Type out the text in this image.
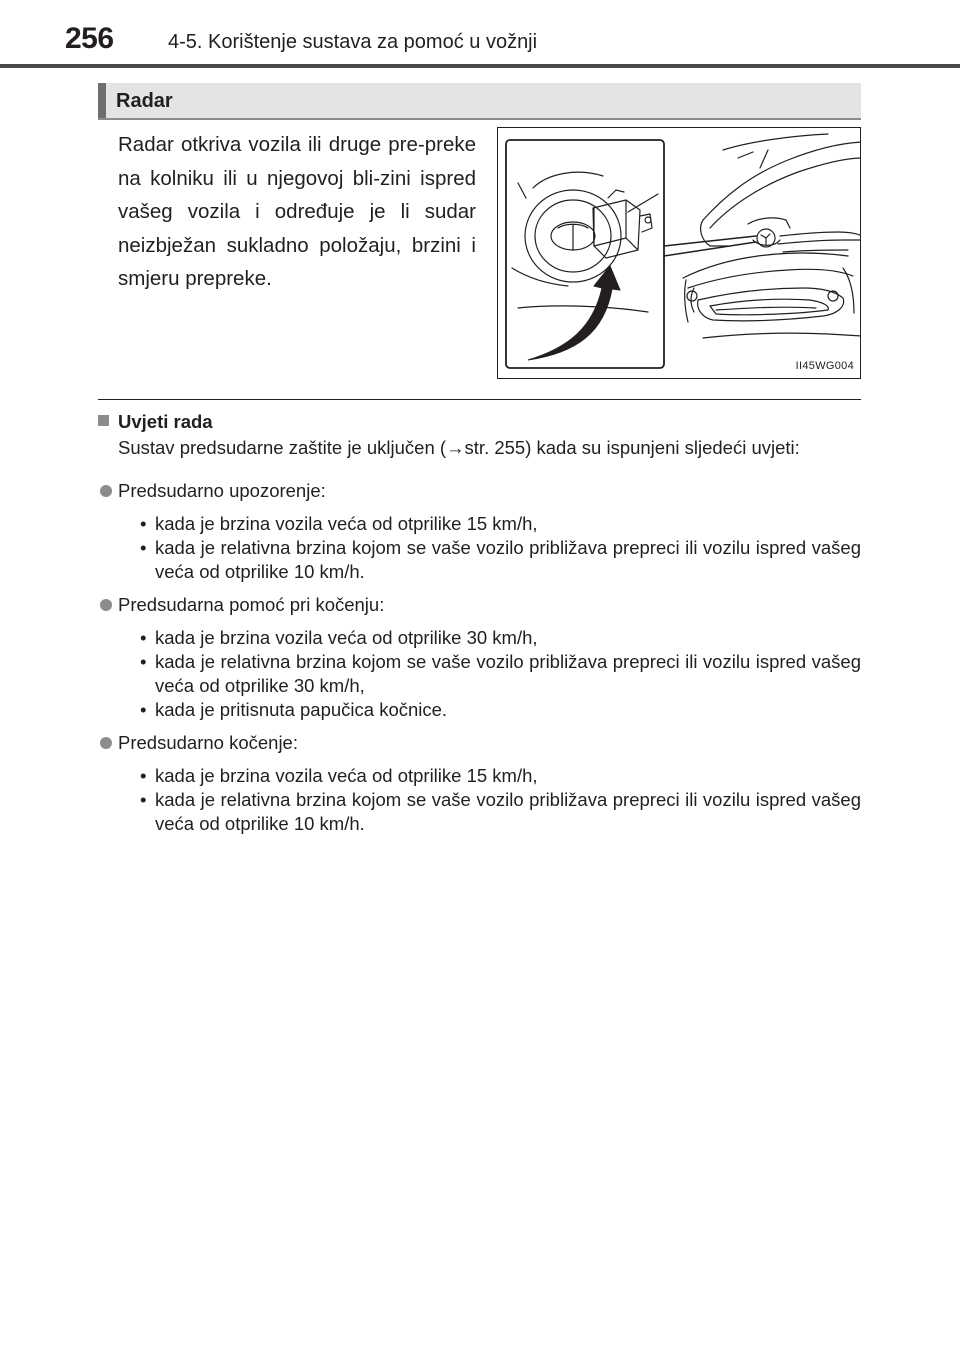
256	4-5. Korištenje sustava za pomoć u vožnji
Radar
Radar otkriva vozila ili druge pre-preke na kolniku ili u njegovoj bli-zini ispred vašeg vozila i određuje je li sudar neizbježan sukladno položaju, brzini i smjeru prepreke.
II45WG004
Uvjeti rada

Sustav predsudarne zaštite je uključen (→str. 255) kada su ispunjeni sljedeći uvjeti:

Predsudarno upozorenje:
• kada je brzina vozila veća od otprilike 15 km/h,
• kada je relativna brzina kojom se vaše vozilo približava prepreci ili vozilu ispred vašeg veća od otprilike 10 km/h.
Predsudarna pomoć pri kočenju:
• kada je brzina vozila veća od otprilike 30 km/h,
• kada je relativna brzina kojom se vaše vozilo približava prepreci ili vozilu ispred vašeg veća od otprilike 30 km/h,
• kada je pritisnuta papučica kočnice.
Predsudarno kočenje:
• kada je brzina vozila veća od otprilike 15 km/h,
• kada je relativna brzina kojom se vaše vozilo približava prepreci ili vozilu ispred vašeg veća od otprilike 10 km/h.
